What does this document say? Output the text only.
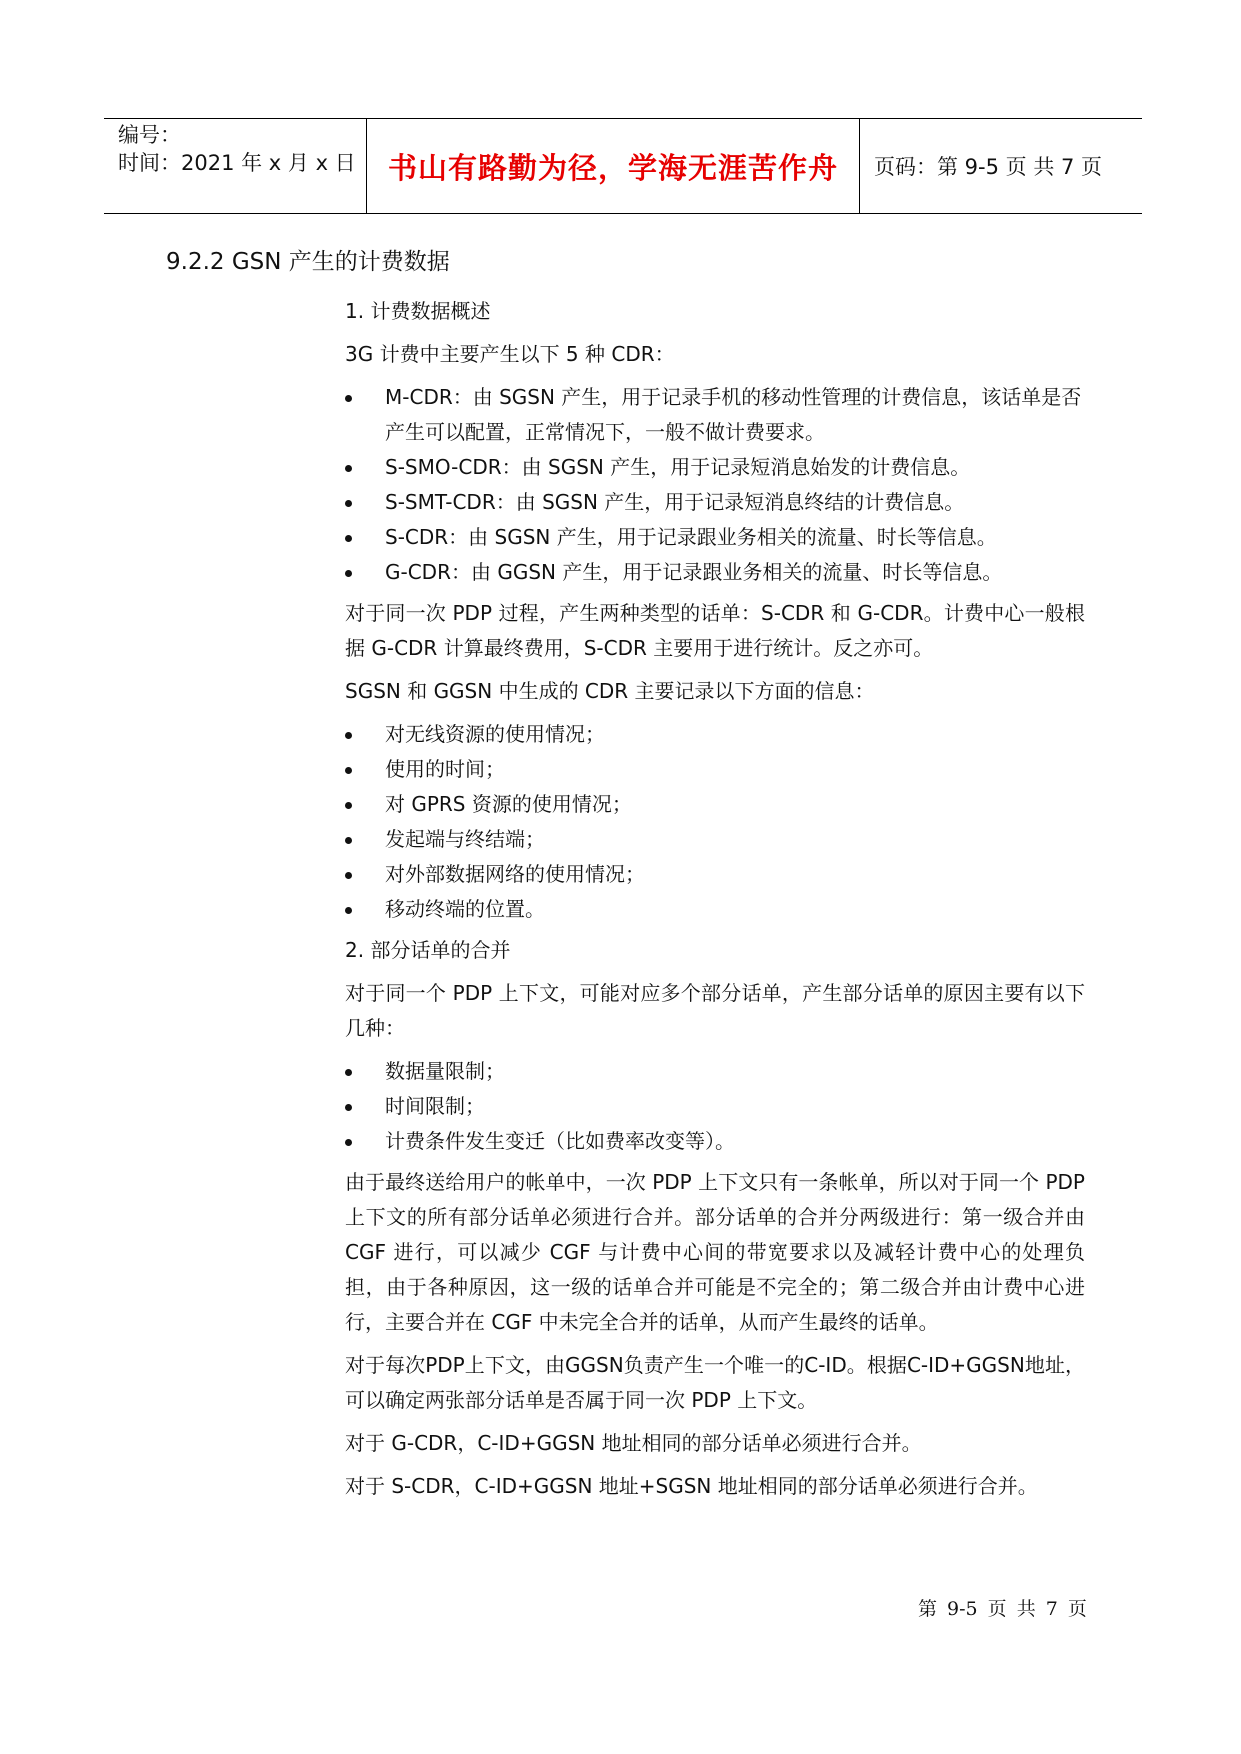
编号：
时间：2021 年 x 月 x 日	书山有路勤为径，学海无涯苦作舟 页码：第 9-5 页 共 7 页
9.2.2 GSN 产生的计费数据
1. 计费数据概述
3G 计费中主要产生以下 5 种 CDR：
M-CDR：由 SGSN 产生，用于记录手机的移动性管理的计费信息，该话单是否产生可以配置，正常情况下，一般不做计费要求。
S-SMO-CDR：由 SGSN 产生，用于记录短消息始发的计费信息。
S-SMT-CDR：由 SGSN 产生，用于记录短消息终结的计费信息。
S-CDR：由 SGSN 产生，用于记录跟业务相关的流量、时长等信息。
G-CDR：由 GGSN 产生，用于记录跟业务相关的流量、时长等信息。
对于同一次 PDP 过程，产生两种类型的话单：S-CDR 和 G-CDR。计费中心一般根据 G-CDR 计算最终费用，S-CDR 主要用于进行统计。反之亦可。
SGSN 和 GGSN 中生成的 CDR 主要记录以下方面的信息：
对无线资源的使用情况；
使用的时间；
对 GPRS 资源的使用情况；
发起端与终结端；
对外部数据网络的使用情况；
移动终端的位置。
2. 部分话单的合并
对于同一个 PDP 上下文，可能对应多个部分话单，产生部分话单的原因主要有以下几种：
数据量限制；
时间限制；
计费条件发生变迁（比如费率改变等）。
由于最终送给用户的帐单中，一次 PDP 上下文只有一条帐单，所以对于同一个 PDP 上下文的所有部分话单必须进行合并。部分话单的合并分两级进行：第一级合并由 CGF 进行，可以减少 CGF 与计费中心间的带宽要求以及减轻计费中心的处理负担，由于各种原因，这一级的话单合并可能是不完全的；第二级合并由计费中心进行，主要合并在 CGF 中未完全合并的话单，从而产生最终的话单。
对于每次PDP上下文，由GGSN负责产生一个唯一的C-ID。根据C-ID+GGSN地址，可以确定两张部分话单是否属于同一次 PDP 上下文。
对于 G-CDR，C-ID+GGSN 地址相同的部分话单必须进行合并。
对于 S-CDR，C-ID+GGSN 地址+SGSN 地址相同的部分话单必须进行合并。
第 9-5 页 共 7 页
